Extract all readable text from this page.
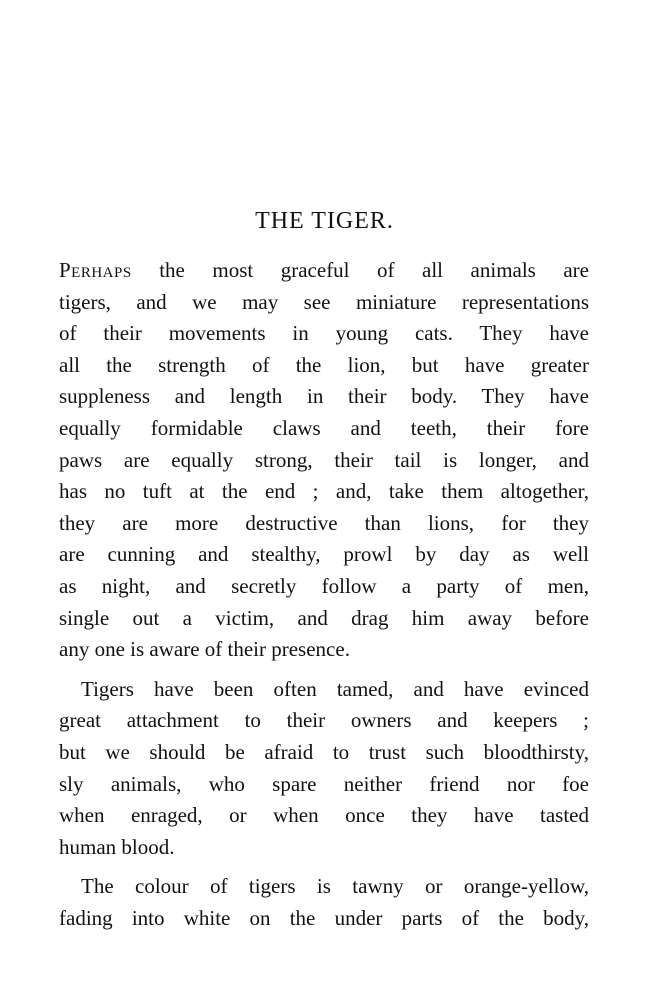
THE TIGER.

Perhaps the most graceful of all animals are
tigers, and we may see miniature representations
of their movements in young cats. They have
all the strength of the lion, but have greater
suppleness and length in their body. They have
equally formidable claws and teeth, their fore
paws are equally strong, their tail is longer, and
has no tuft at the end ; and, take them altogether,
they are more destructive than lions, for they
are cunning and stealthy, prowl by day as well
as night, and secretly follow a party of men,
single out a victim, and drag him away before
any one is aware of their presence.

Tigers have been often tamed, and have evinced
great attachment to their owners and keepers ;
but we should be afraid to trust such bloodthirsty,
sly animals, who spare neither friend nor foe
when enraged, or when once they have tasted
human blood.

The colour of tigers is tawny or orange-yellow,
fading into white on the under parts of the body,
